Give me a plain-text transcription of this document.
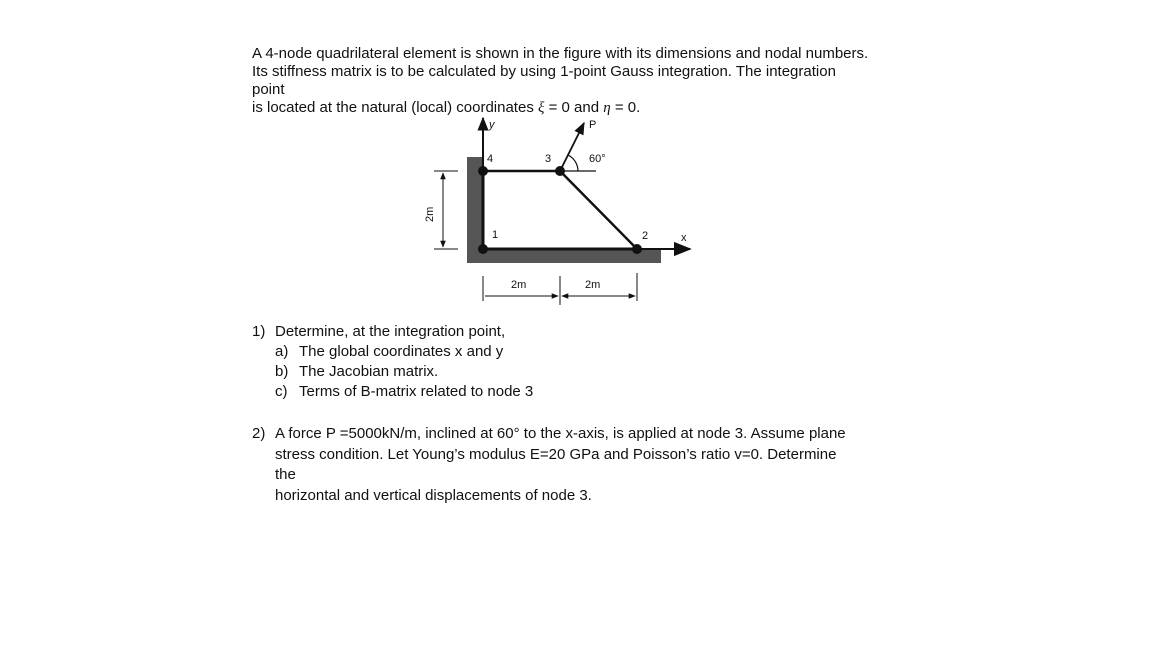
A 4-node quadrilateral element is shown in the figure with its dimensions and nodal numbers.

Its stiffness matrix is to be calculated by using 1-point Gauss integration. The integration point

is located at the natural (local) coordinates ξ = 0 and η = 0.

y
x
4	3
1	2
P
60°
2m
2m	2m
1) Determine, at the integration point,
a) The global coordinates x and y
b) The Jacobian matrix.
c) Terms of B-matrix related to node 3
2) A force P =5000kN/m, inclined at 60° to the x-axis, is applied at node 3. Assume plane
stress condition. Let Young’s modulus E=20 GPa and Poisson’s ratio v=0. Determine the
horizontal and vertical displacements of node 3.
